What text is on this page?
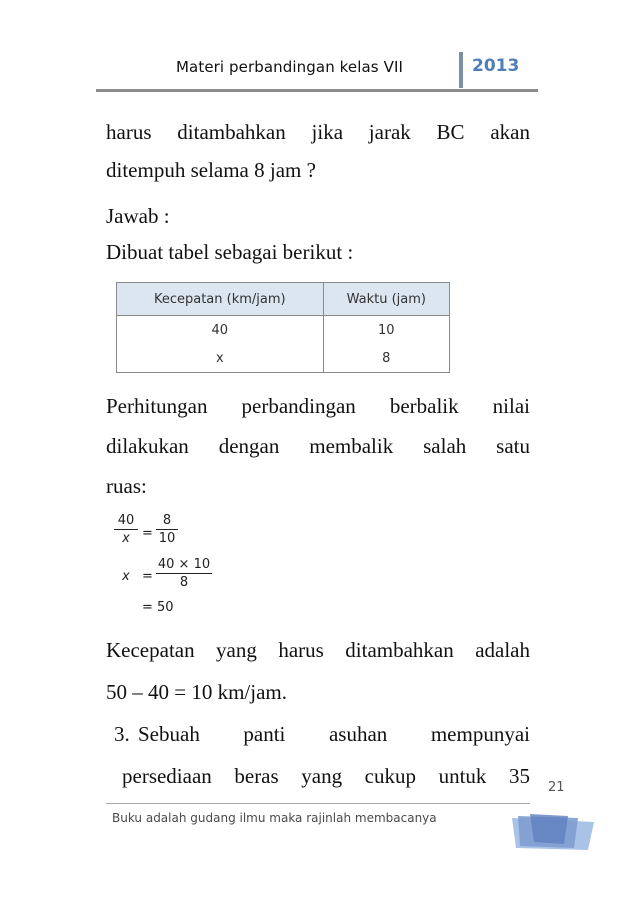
Materi perbandingan kelas VII	2013
harus ditambahkan jika jarak BC akan
ditempuh selama 8 jam ?
Jawab :
Dibuat tabel sebagai berikut :
Kecepatan (km/jam)	Waktu (jam)
40	10
x	8
Perhitungan perbandingan berbalik nilai
dilakukan dengan membalik salah satu
ruas:
40
x =
8
10
x =
40 × 10
8
= 50
Kecepatan yang harus ditambahkan adalah
50 – 40 = 10 km/jam.
3. Sebuah panti asuhan mempunyai
persediaan beras yang cukup untuk 35 21
Buku adalah gudang ilmu maka rajinlah membacanya
